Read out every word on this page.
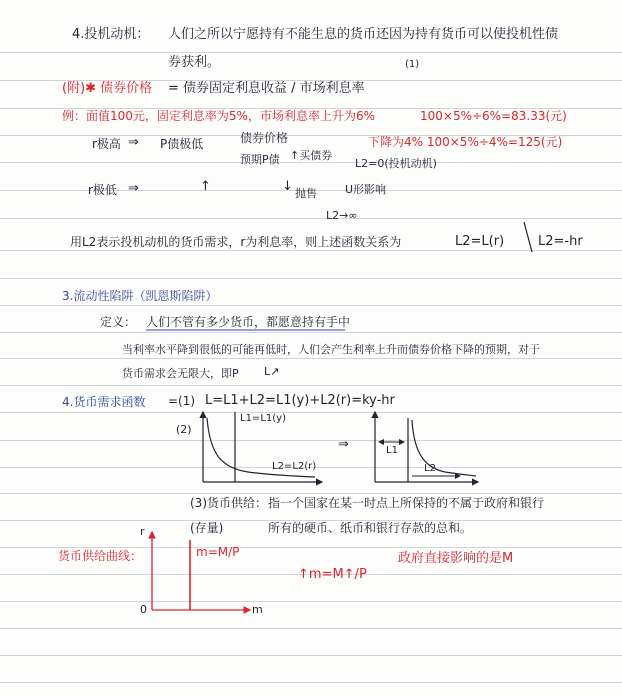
4.投机动机： 人们之所以宁愿持有不能生息的货币还因为持有货币可以使投机性债
券获利。	(1)
(附)✱ 债券价格 = 债券固定利息收益 / 市场利息率
例：面值100元，固定利息率为5%，市场利息率上升为6%	100×5%÷6%=83.33(元)
下降为4% 100×5%÷4%=125(元)
r极高 ⇒ P债极低	债券价格
预期P债 ↑买债券
L2=0(投机动机)
r极低 ⇒	↑	↓ 抛售	U形影响
L2→∞
用L2表示投机动机的货币需求，r为利息率，则上述函数关系为	L2=L(r)	L2=-hr
3.流动性陷阱（凯恩斯陷阱）
定义： 人们不管有多少货币，都愿意持有手中
当利率水平降到很低的可能再低时，人们会产生利率上升而债券价格下降的预期，对于
货币需求会无限大，即P L↗
4.货币需求函数 =(1) L=L1+L2=L1(y)+L2(r)=ky-hr
(2)
L1=L1(y)
L2=L2(r)
⇒	L1
L2
(3)货币供给：
(存量)
指一个国家在某一时点上所保持的不属于政府和银行
所有的硬币、纸币和银行存款的总和。
货币供给曲线：
r
m
0
m=M/P
↑m=M↑/P
政府直接影响的是M
